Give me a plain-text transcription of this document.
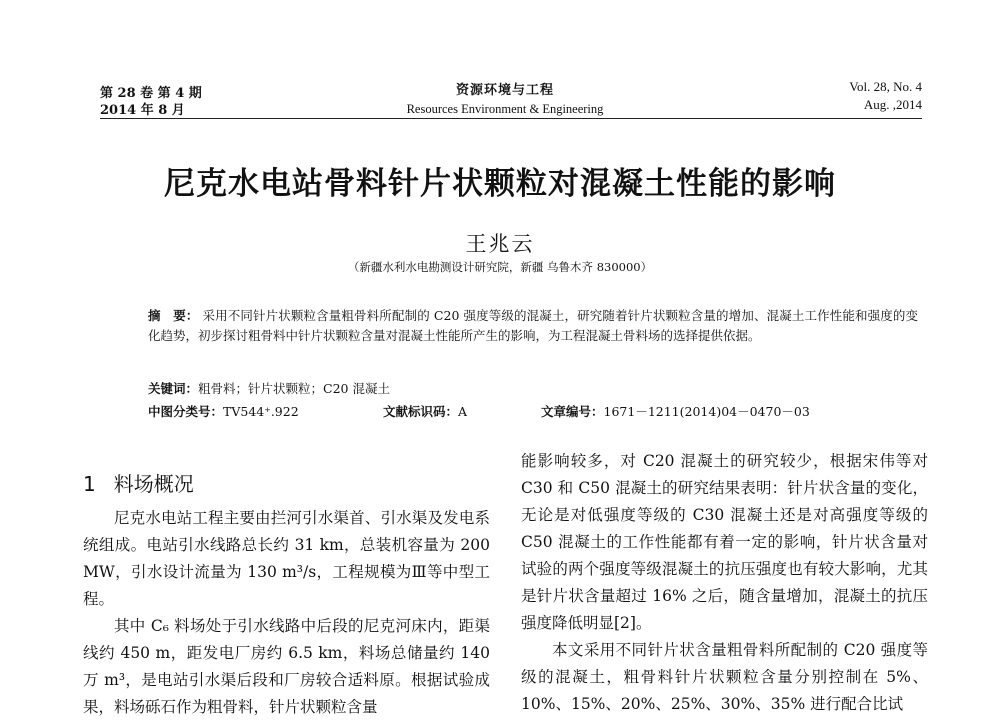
第 28 卷 第 4 期
2014 年 8 月
资源环境与工程
Resources Environment & Engineering
Vol. 28, No. 4
Aug. ,2014
尼克水电站骨料针片状颗粒对混凝土性能的影响
王兆云
（新疆水利水电勘测设计研究院，新疆 乌鲁木齐 830000）
摘　要： 采用不同针片状颗粒含量粗骨料所配制的 C20 强度等级的混凝土，研究随着针片状颗粒含量的增加、混凝土工作性能和强度的变化趋势，初步探讨粗骨料中针片状颗粒含量对混凝土性能所产生的影响，为工程混凝土骨料场的选择提供依据。
关键词：粗骨料；针片状颗粒；C20 混凝土
中图分类号：TV544⁺.922	文献标识码：A	文章编号：1671－1211(2014)04－0470－03
1 料场概况

尼克水电站工程主要由拦河引水渠首、引水渠及发电系统组成。电站引水线路总长约 31 km，总装机容量为 200 MW，引水设计流量为 130 m³/s，工程规模为Ⅲ等中型工程。

其中 C₆ 料场处于引水线路中后段的尼克河床内，距渠线约 450 m，距发电厂房约 6.5 km，料场总储量约 140 万 m³，是电站引水渠后段和厂房较合适料原。根据试验成果，料场砾石作为粗骨料，针片状颗粒含量

能影响较多，对 C20 混凝土的研究较少，根据宋伟等对 C30 和 C50 混凝土的研究结果表明：针片状含量的变化，无论是对低强度等级的 C30 混凝土还是对高强度等级的 C50 混凝土的工作性能都有着一定的影响，针片状含量对试验的两个强度等级混凝土的抗压强度也有较大影响，尤其是针片状含量超过 16% 之后，随含量增加，混凝土的抗压强度降低明显[2]。

本文采用不同针片状含量粗骨料所配制的 C20 强度等级的混凝土，粗骨料针片状颗粒含量分别控制在 5%、10%、15%、20%、25%、30%、35% 进行配合比试
